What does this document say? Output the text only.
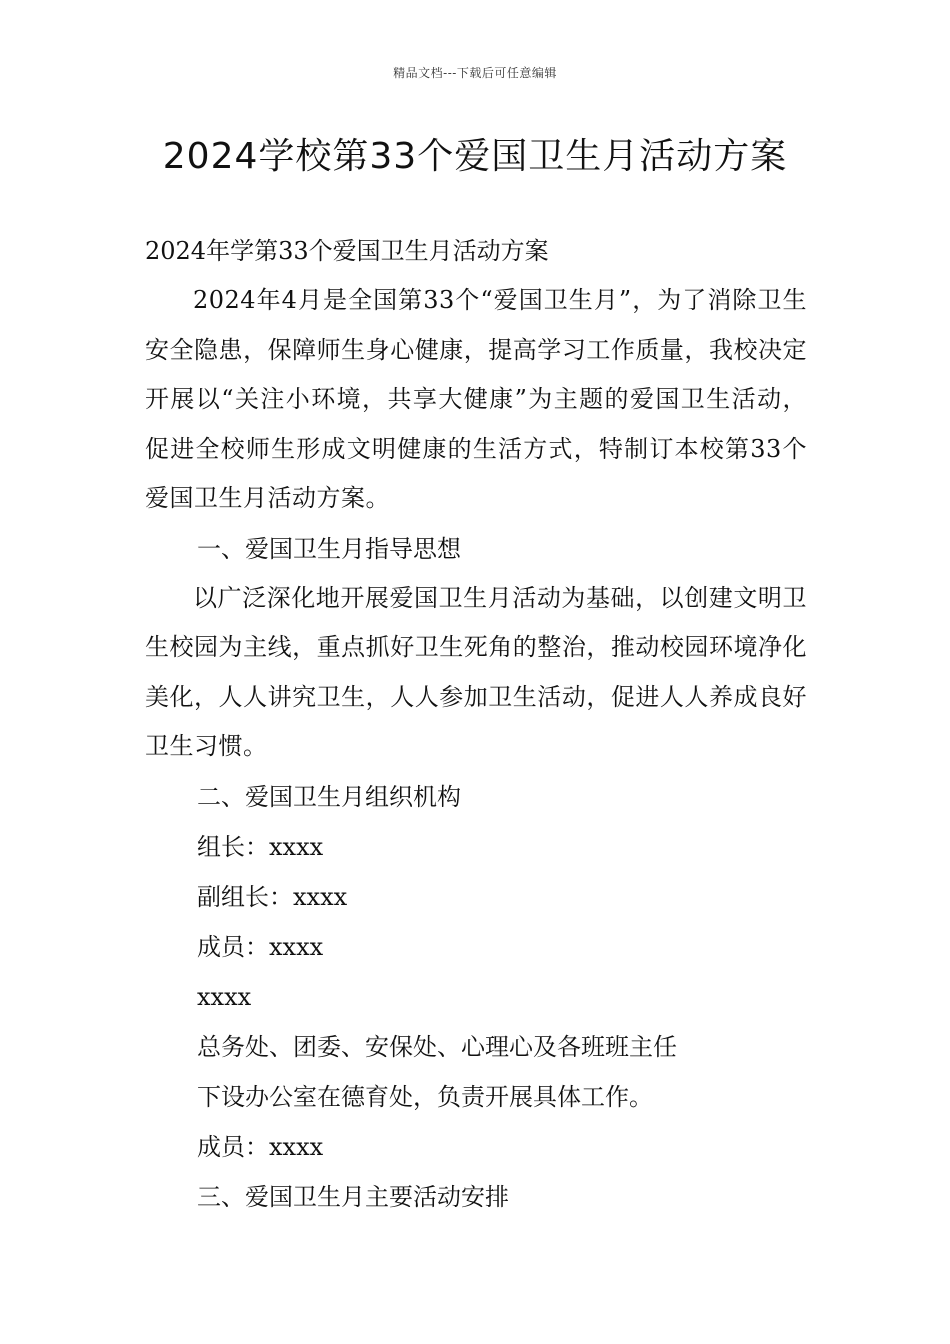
精品文档---下载后可任意编辑
2024学校第33个爱国卫生月活动方案
2024年学第33个爱国卫生月活动方案

2024年4月是全国第33个“爱国卫生月”，为了消除卫生安全隐患，保障师生身心健康，提高学习工作质量，我校决定开展以“关注小环境，共享大健康”为主题的爱国卫生活动，促进全校师生形成文明健康的生活方式，特制订本校第33个爱国卫生月活动方案。

一、爱国卫生月指导思想

以广泛深化地开展爱国卫生月活动为基础，以创建文明卫生校园为主线，重点抓好卫生死角的整治，推动校园环境净化美化，人人讲究卫生，人人参加卫生活动，促进人人养成良好卫生习惯。

二、爱国卫生月组织机构
组长：xxxx
副组长：xxxx
成员：xxxx
xxxx
总务处、团委、安保处、心理心及各班班主任
下设办公室在德育处，负责开展具体工作。
成员：xxxx
三、爱国卫生月主要活动安排
